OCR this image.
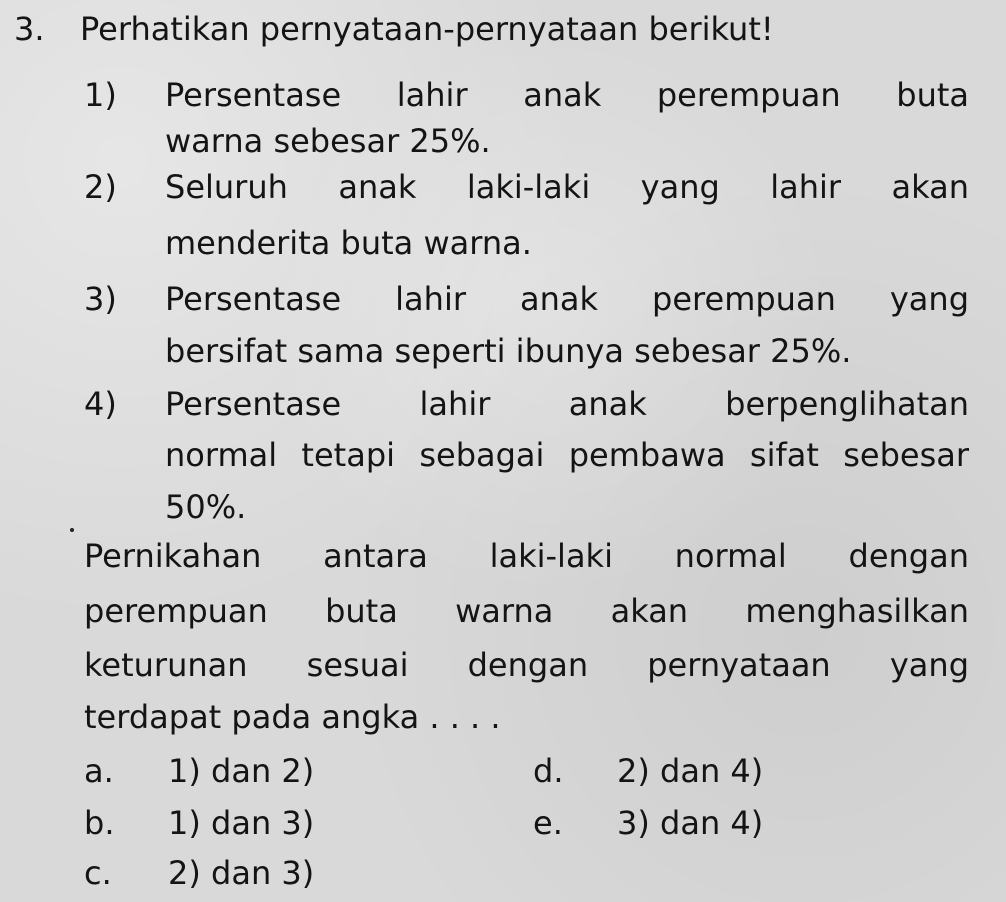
3. Perhatikan pernyataan-pernyataan berikut!
1) Persentase lahir anak perempuan buta
warna sebesar 25%.
2) Seluruh anak laki-laki yang lahir akan
menderita buta warna.
3) Persentase lahir anak perempuan yang
bersifat sama seperti ibunya sebesar 25%.
4) Persentase lahir anak berpenglihatan
normal tetapi sebagai pembawa sifat sebesar
50%.
Pernikahan antara laki-laki normal dengan
perempuan buta warna akan menghasilkan
keturunan sesuai dengan pernyataan yang
terdapat pada angka . . . .
a. 1) dan 2)	d. 2) dan 4)
b. 1) dan 3)	e. 3) dan 4)
c. 2) dan 3)
